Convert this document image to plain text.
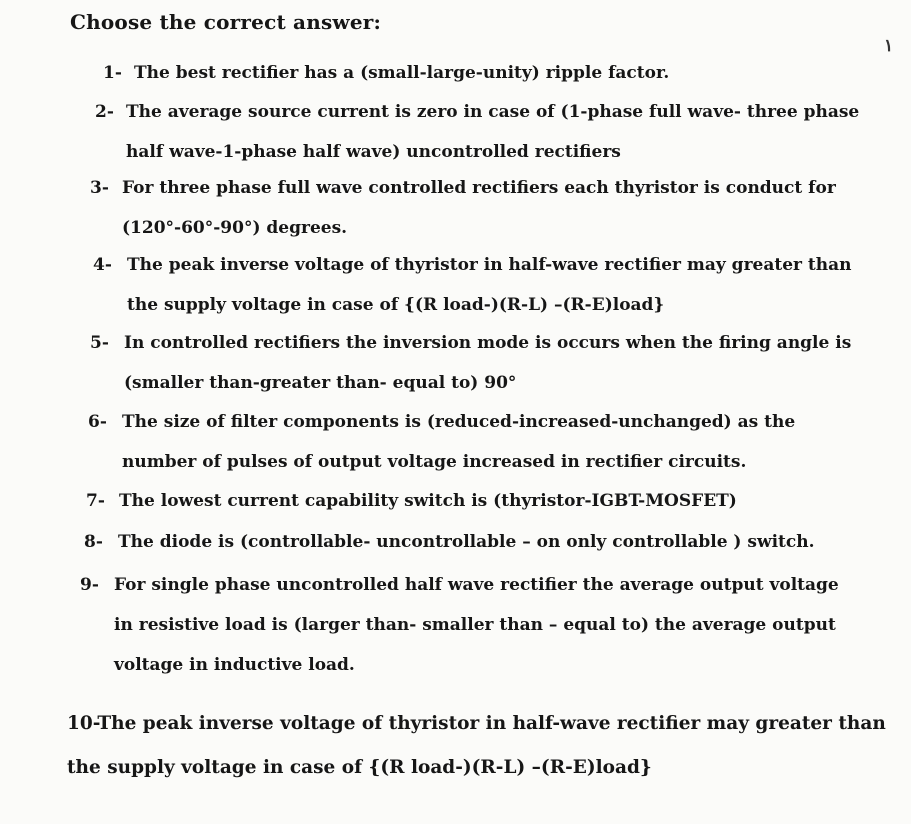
Choose the correct answer:
١
1- The best rectifier has a (small-large-unity) ripple factor.
2- The average source current is zero in case of (1-phase full wave- three phase
half wave-1-phase half wave) uncontrolled rectifiers
3- For three phase full wave controlled rectifiers each thyristor is conduct for
(120°-60°-90°) degrees.
4- The peak inverse voltage of thyristor in half-wave rectifier may greater than
the supply voltage in case of {(R load-)(R-L) –(R-E)load}
5- In controlled rectifiers the inversion mode is occurs when the firing angle is
(smaller than-greater than- equal to) 90°
6- The size of filter components is (reduced-increased-unchanged) as the
number of pulses of output voltage increased in rectifier circuits.
7- The lowest current capability switch is (thyristor-IGBT-MOSFET)
8- The diode is (controllable- uncontrollable – on only controllable ) switch.
9- For single phase uncontrolled half wave rectifier the average output voltage
in resistive load is (larger than- smaller than – equal to) the average output
voltage in inductive load.
10-The peak inverse voltage of thyristor in half-wave rectifier may greater than
the supply voltage in case of {(R load-)(R-L) –(R-E)load}
